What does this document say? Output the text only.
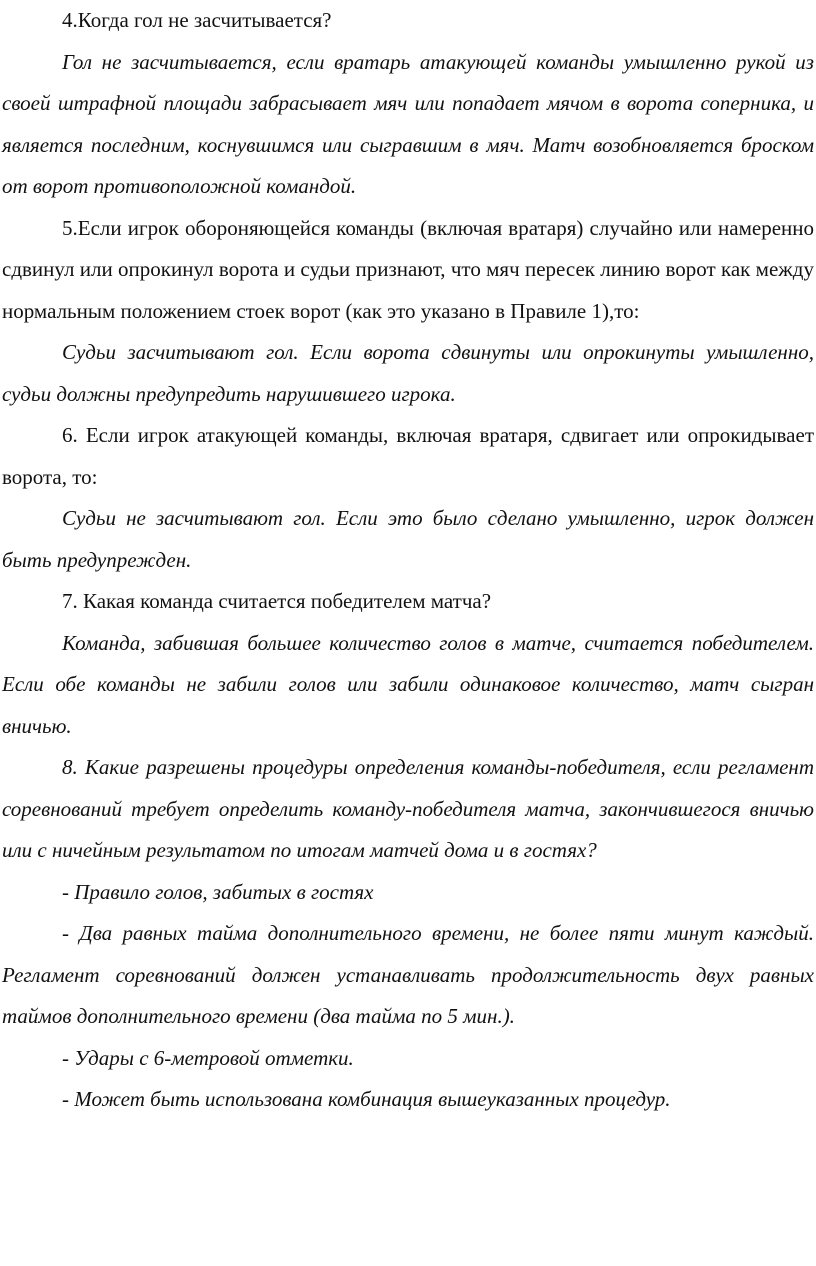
4.Когда гол не засчитывается?

Гол не засчитывается, если вратарь атакующей команды умышленно рукой из своей штрафной площади забрасывает мяч или попадает мячом в ворота соперника, и является последним, коснувшимся или сыгравшим в мяч. Матч возобновляется броском от ворот противоположной командой.

5.Если игрок обороняющейся команды (включая вратаря) случайно или намеренно сдвинул или опрокинул ворота и судьи признают, что мяч пересек линию ворот как между нормальным положением стоек ворот (как это указано в Правиле 1),то:

Судьи засчитывают гол. Если ворота сдвинуты или опрокинуты умышленно, судьи должны предупредить нарушившего игрока.

6. Если игрок атакующей команды, включая вратаря, сдвигает или опрокидывает ворота, то:

Судьи не засчитывают гол. Если это было сделано умышленно, игрок должен быть предупрежден.

7. Какая команда считается победителем матча?

Команда, забившая большее количество голов в матче, считается победителем. Если обе команды не забили голов или забили одинаковое количество, матч сыгран вничью.

8. Какие разрешены процедуры определения команды-победителя, если регламент соревнований требует определить команду-победителя матча, закончившегося вничью или с ничейным результатом по итогам матчей дома и в гостях?

- Правило голов, забитых в гостях

- Два равных тайма дополнительного времени, не более пяти минут каждый. Регламент соревнований должен устанавливать продолжительность двух равных таймов дополнительного времени (два тайма по 5 мин.).

- Удары с 6-метровой отметки.

- Может быть использована комбинация вышеуказанных процедур.
